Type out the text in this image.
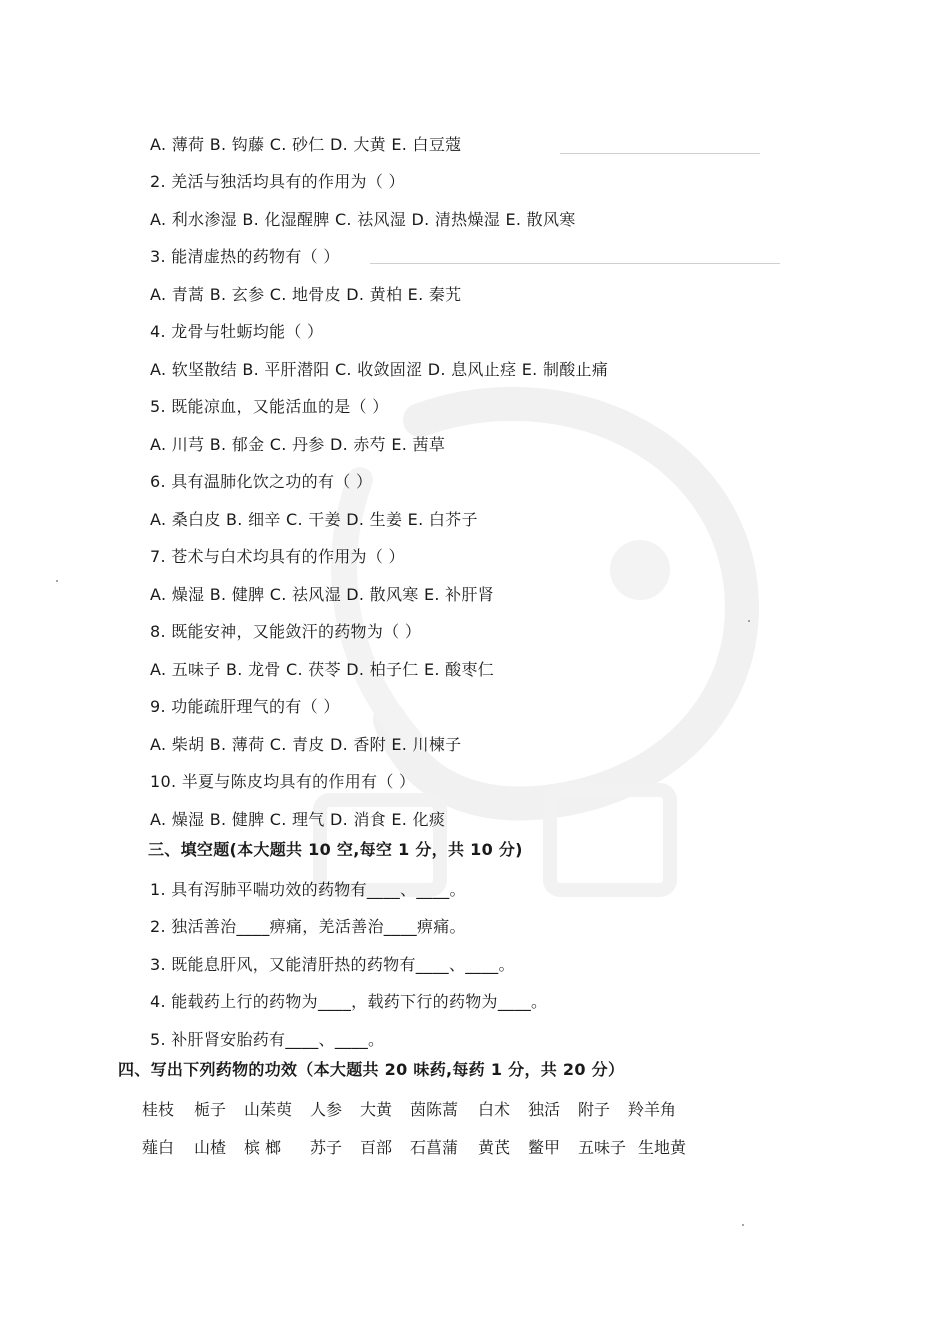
A. 薄荷 B. 钩藤 C. 砂仁 D. 大黄 E. 白豆蔻
2. 羌活与独活均具有的作用为（ ）
A. 利水渗湿 B. 化湿醒脾 C. 祛风湿 D. 清热燥湿 E. 散风寒
3. 能清虚热的药物有（ ）
A. 青蒿 B. 玄参 C. 地骨皮 D. 黄柏 E. 秦艽
4. 龙骨与牡蛎均能（ ）
A. 软坚散结 B. 平肝潜阳 C. 收敛固涩 D. 息风止痉 E. 制酸止痛
5. 既能凉血，又能活血的是（ ）
A. 川芎 B. 郁金 C. 丹参 D. 赤芍 E. 茜草
6. 具有温肺化饮之功的有（ ）
A. 桑白皮 B. 细辛 C. 干姜 D. 生姜 E. 白芥子
7. 苍术与白术均具有的作用为（ ）
A. 燥湿 B. 健脾 C. 祛风湿 D. 散风寒 E. 补肝肾
8. 既能安神，又能敛汗的药物为（ ）
A. 五味子 B. 龙骨 C. 茯苓 D. 柏子仁 E. 酸枣仁
9. 功能疏肝理气的有（ ）
A. 柴胡 B. 薄荷 C. 青皮 D. 香附 E. 川楝子
10. 半夏与陈皮均具有的作用有（ ）
A. 燥湿 B. 健脾 C. 理气 D. 消食 E. 化痰
三、填空题(本大题共 10 空,每空 1 分，共 10 分)
1. 具有泻肺平喘功效的药物有____、____。
2. 独活善治____痹痛，羌活善治____痹痛。
3. 既能息肝风，又能清肝热的药物有____、____。
4. 能载药上行的药物为____，载药下行的药物为____。
5. 补肝肾安胎药有____、____。
四、写出下列药物的功效（本大题共 20 味药,每药 1 分，共 20 分）
桂枝 栀子 山茱萸 人参 大黄 茵陈蒿 白术 独活 附子 羚羊角
薤白 山楂 槟 榔 苏子 百部 石菖蒲 黄芪 鳖甲 五味子 生地黄
